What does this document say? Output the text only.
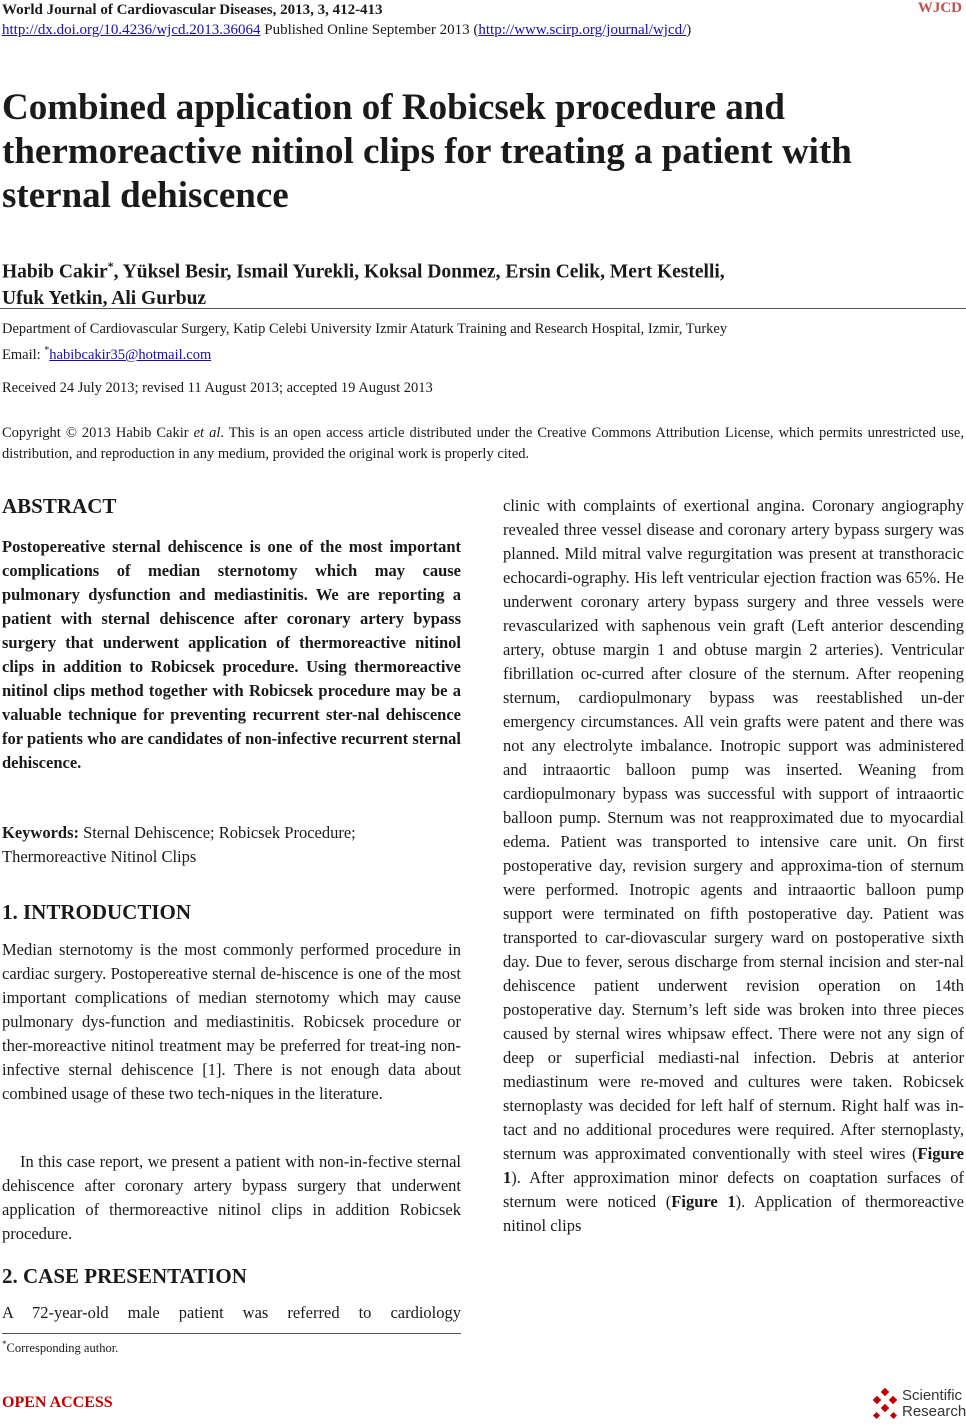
World Journal of Cardiovascular Diseases, 2013, 3, 412-413
http://dx.doi.org/10.4236/wjcd.2013.36064 Published Online September 2013 (http://www.scirp.org/journal/wjcd/)
WJCD
Combined application of Robicsek procedure and thermoreactive nitinol clips for treating a patient with sternal dehiscence
Habib Cakir*, Yüksel Besir, Ismail Yurekli, Koksal Donmez, Ersin Celik, Mert Kestelli,
Ufuk Yetkin, Ali Gurbuz
Department of Cardiovascular Surgery, Katip Celebi University Izmir Ataturk Training and Research Hospital, Izmir, Turkey
Email: *habibcakir35@hotmail.com
Received 24 July 2013; revised 11 August 2013; accepted 19 August 2013
Copyright © 2013 Habib Cakir et al. This is an open access article distributed under the Creative Commons Attribution License, which permits unrestricted use, distribution, and reproduction in any medium, provided the original work is properly cited.
ABSTRACT
Postopereative sternal dehiscence is one of the most important complications of median sternotomy which may cause pulmonary dysfunction and mediastinitis. We are reporting a patient with sternal dehiscence after coronary artery bypass surgery that underwent application of thermoreactive nitinol clips in addition to Robicsek procedure. Using thermoreactive nitinol clips method together with Robicsek procedure may be a valuable technique for preventing recurrent ster-nal dehiscence for patients who are candidates of non-infective recurrent sternal dehiscence.
Keywords: Sternal Dehiscence; Robicsek Procedure; Thermoreactive Nitinol Clips
1. INTRODUCTION
Median sternotomy is the most commonly performed procedure in cardiac surgery. Postopereative sternal de-hiscence is one of the most important complications of median sternotomy which may cause pulmonary dys-function and mediastinitis. Robicsek procedure or ther-moreactive nitinol treatment may be preferred for treat-ing non-infective sternal dehiscence [1]. There is not enough data about combined usage of these two tech-niques in the literature.
In this case report, we present a patient with non-in-fective sternal dehiscence after coronary artery bypass surgery that underwent application of thermoreactive nitinol clips in addition Robicsek procedure.
2. CASE PRESENTATION
A 72-year-old male patient was referred to cardiology
*Corresponding author.
clinic with complaints of exertional angina. Coronary angiography revealed three vessel disease and coronary artery bypass surgery was planned. Mild mitral valve regurgitation was present at transthoracic echocardi-ography. His left ventricular ejection fraction was 65%. He underwent coronary artery bypass surgery and three vessels were revascularized with saphenous vein graft (Left anterior descending artery, obtuse margin 1 and obtuse margin 2 arteries). Ventricular fibrillation oc-curred after closure of the sternum. After reopening sternum, cardiopulmonary bypass was reestablished un-der emergency circumstances. All vein grafts were patent and there was not any electrolyte imbalance. Inotropic support was administered and intraaortic balloon pump was inserted. Weaning from cardiopulmonary bypass was successful with support of intraaortic balloon pump. Sternum was not reapproximated due to myocardial edema. Patient was transported to intensive care unit. On first postoperative day, revision surgery and approxima-tion of sternum were performed. Inotropic agents and intraaortic balloon pump support were terminated on fifth postoperative day. Patient was transported to car-diovascular surgery ward on postoperative sixth day. Due to fever, serous discharge from sternal incision and ster-nal dehiscence patient underwent revision operation on 14th postoperative day. Sternum’s left side was broken into three pieces caused by sternal wires whipsaw effect. There were not any sign of deep or superficial mediasti-nal infection. Debris at anterior mediastinum were re-moved and cultures were taken. Robicsek sternoplasty was decided for left half of sternum. Right half was in-tact and no additional procedures were required. After sternoplasty, sternum was approximated conventionally with steel wires (Figure 1). After approximation minor defects on coaptation surfaces of sternum were noticed (Figure 1). Application of thermoreactive nitinol clips
OPEN ACCESS	Scientific
Research
